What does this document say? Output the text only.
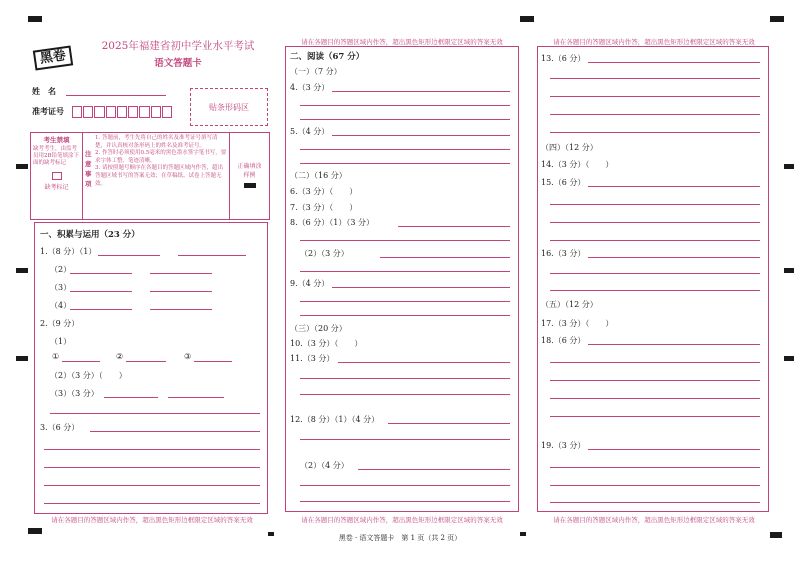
黑卷
2025年福建省初中学业水平考试
语文答题卡
姓　名
准考证号	贴条形码区
考生禁填
缺考考生，由监考员用2B铅笔填涂下面的缺考标记
缺考标记
注意事项
1. 答题前，考生先将自己的姓名及准考证号填写清楚，并认真核对条形码上的姓名及准考证号。
2. 作答时必须使用0.5毫米的黑色墨水签字笔书写，要求字体工整、笔迹清晰。
3. 请按照题号顺序在各题目的答题区域内作答，超出答题区域书写的答案无效；在草稿纸、试卷上答题无效。
正确填涂样例
请在各题目的答题区域内作答，超出黑色矩形边框限定区域的答案无效
一、积累与运用（23 分）
1.（8 分）（1）
（2）
（3）
（4）
2.（9 分）
（1）
①	②	③
（2）（3 分）（　　）
（3）（3 分）
3.（6 分）
请在各题目的答题区域内作答，超出黑色矩形边框限定区域的答案无效
请在各题目的答题区域内作答，超出黑色矩形边框限定区域的答案无效
二、阅读（67 分）
（一）（7 分）
4.（3 分）
5.（4 分）
（二）（16 分）
6.（3 分）（　　）
7.（3 分）（　　）
8.（6 分）（1）（3 分）
（2）（3 分）
9.（4 分）
（三）（20 分）
10.（3 分）（　　）
11.（3 分）
12.（8 分）（1）（4 分）
（2）（4 分）
请在各题目的答题区域内作答，超出黑色矩形边框限定区域的答案无效
请在各题目的答题区域内作答，超出黑色矩形边框限定区域的答案无效
13.（6 分）
（四）（12 分）
14.（3 分）（　　）
15.（6 分）
16.（3 分）
（五）（12 分）
17.（3 分）（　　）
18.（6 分）
19.（3 分）
黑卷 · 语文答题卡　第 1 页（共 2 页）
